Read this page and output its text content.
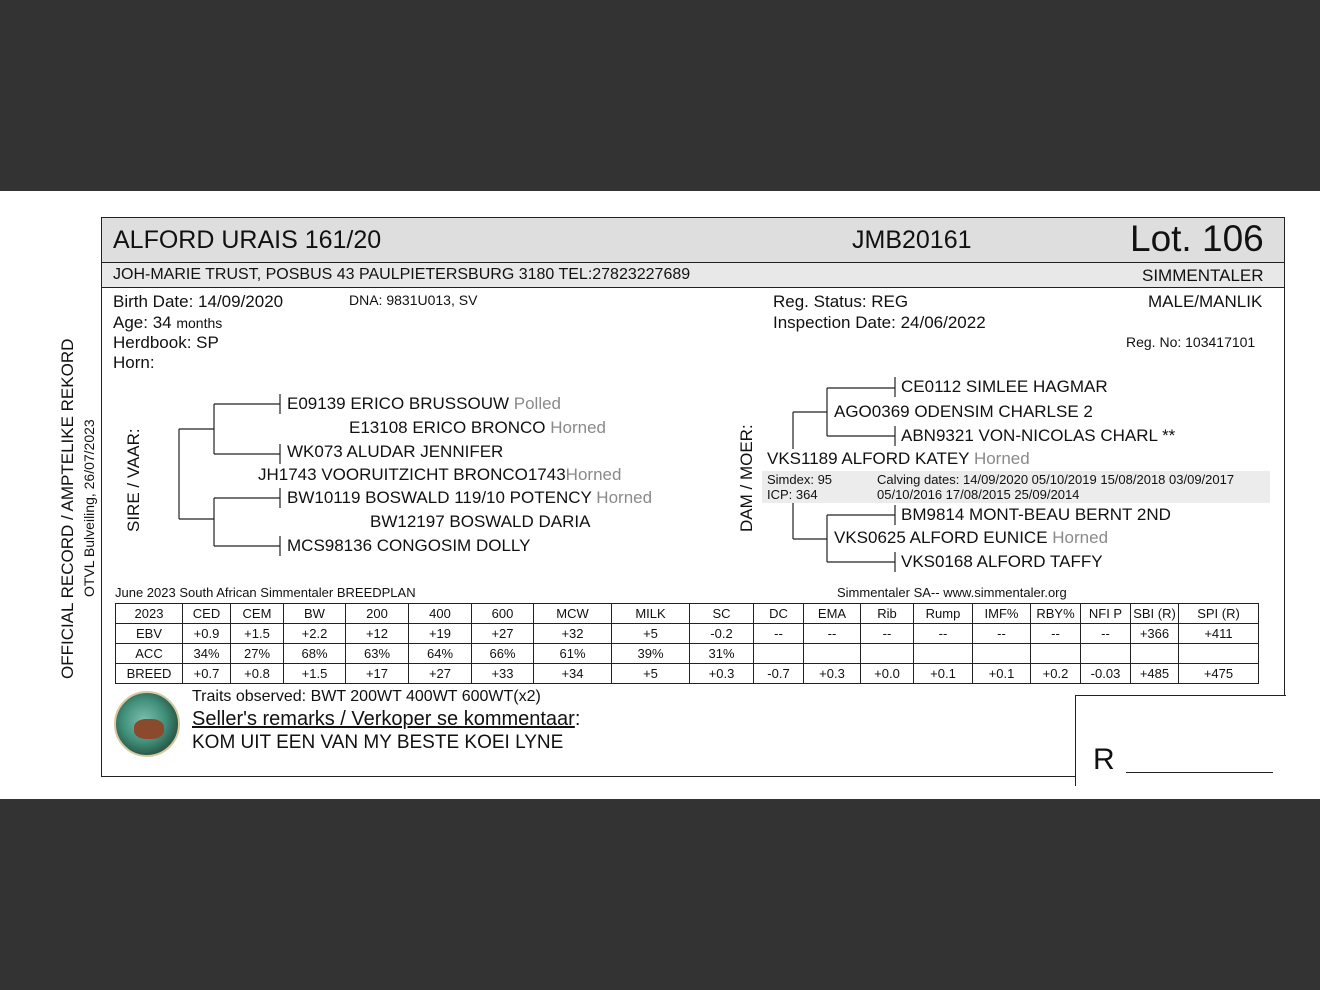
ALFORD URAIS 161/20	JMB20161	Lot. 106
JOH-MARIE TRUST, POSBUS 43 PAULPIETERSBURG 3180 TEL:27823227689	SIMMENTALER
Birth Date: 14/09/2020	DNA: 9831U013, SV	Reg. Status: REG	MALE/MANLIK
Age: 34 months	Inspection Date: 24/06/2022
Herdbook: SP	Reg. No: 103417101
Horn:
OFFICIAL RECORD / AMPTELIKE REKORD OTVL Bulveiling, 26/07/2023 SIRE / VAAR:	DAM / MOER:
E09139 ERICO BRUSSOUW Polled
E13108 ERICO BRONCO Horned
WK073 ALUDAR JENNIFER
JH1743 VOORUITZICHT BRONCO1743Horned
BW10119 BOSWALD 119/10 POTENCY Horned
BW12197 BOSWALD DARIA
MCS98136 CONGOSIM DOLLY
CE0112 SIMLEE HAGMAR
AGO0369 ODENSIM CHARLSE 2
ABN9321 VON-NICOLAS CHARL **
VKS1189 ALFORD KATEY Horned
Simdex: 95
ICP: 364
Calving dates: 14/09/2020 05/10/2019 15/08/2018 03/09/2017
05/10/2016 17/08/2015 25/09/2014
BM9814 MONT-BEAU BERNT 2ND
VKS0625 ALFORD EUNICE Horned
VKS0168 ALFORD TAFFY
June 2023 South African Simmentaler BREEDPLAN	Simmentaler SA-- www.simmentaler.org
2023	CED	CEM	BW	200	400	600	MCW	MILK	SC	DC	EMA	Rib	Rump	IMF%	RBY%	NFI P	SBI (R)	SPI (R)
EBV	+0.9	+1.5	+2.2	+12	+19	+27	+32	+5	-0.2	--	--	--	--	--	--	--	+366	+411
ACC	34%	27%	68%	63%	64%	66%	61%	39%	31%									
BREED	+0.7	+0.8	+1.5	+17	+27	+33	+34	+5	+0.3	-0.7	+0.3	+0.0	+0.1	+0.1	+0.2	-0.03	+485	+475
Traits observed: BWT 200WT 400WT 600WT(x2)
Seller's remarks / Verkoper se kommentaar:
KOM UIT EEN VAN MY BESTE KOEI LYNE
R
